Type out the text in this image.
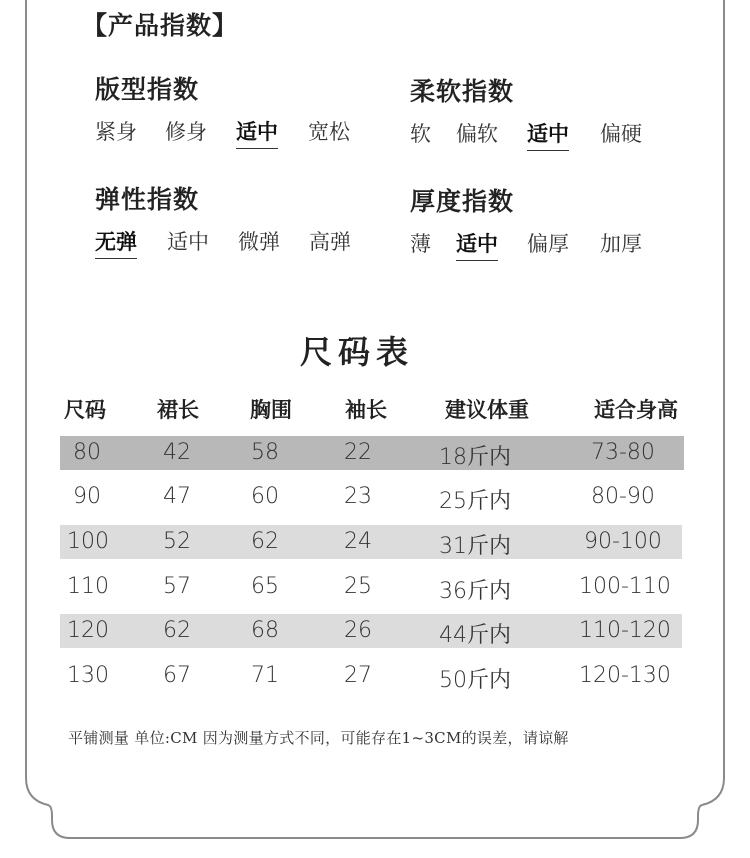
【产品指数】
版型指数
紧身 修身 适中 宽松
柔软指数
软 偏软 适中 偏硬
弹性指数
无弹 适中 微弹 高弹
厚度指数
薄 适中 偏厚 加厚
尺码表
尺码 裙长 胸围	袖长	建议体重	适合身高
80	42	58	22	18斤内	73-80
90	47	60	23	25斤内	80-90
100 52	62	24	31斤内	90-100
110 57	65	25	36斤内	100-110
120 62	68	26	44斤内	110-120
130 67	71	27	50斤内	120-130
平铺测量 单位:CM 因为测量方式不同，可能存在1~3CM的误差，请谅解
